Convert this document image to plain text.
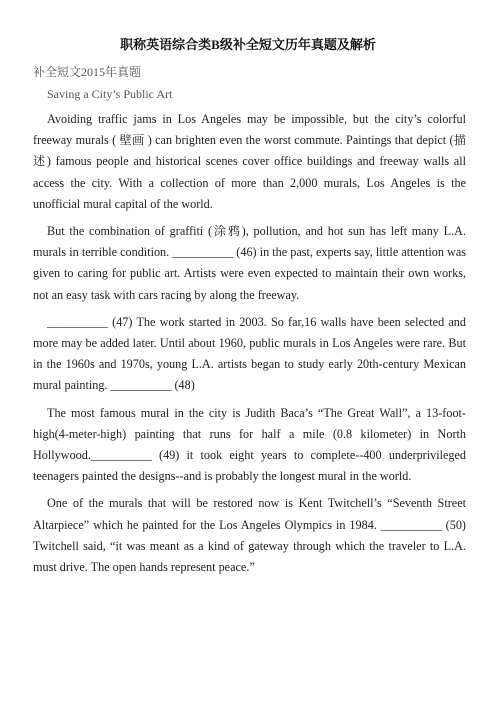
职称英语综合类B级补全短文历年真题及解析
补全短文2015年真题
Saving a City’s Public Art

Avoiding traffic jams in Los Angeles may be impossible, but the city’s colorful freeway murals ( 壁画 ) can brighten even the worst commute. Paintings that depict (描述) famous people and historical scenes cover office buildings and freeway walls all access the city. With a collection of more than 2,000 murals, Los Angeles is the unofficial mural capital of the world.

But the combination of graffiti (涂鸦), pollution, and hot sun has left many L.A. murals in terrible condition. __________ (46) in the past, experts say, little attention was given to caring for public art. Artists were even expected to maintain their own works, not an easy task with cars racing by along the freeway.

__________ (47) The work started in 2003. So far,16 walls have been selected and more may be added later. Until about 1960, public murals in Los Angeles were rare. But in the 1960s and 1970s, young L.A. artists began to study early 20th-century Mexican mural painting. __________ (48)

The most famous mural in the city is Judith Baca’s “The Great Wall”, a 13-foot-high(4-meter-high) painting that runs for half a mile (0.8 kilometer) in North Hollywood.__________ (49) it took eight years to complete--400 underprivileged teenagers painted the designs--and is probably the longest mural in the world.

One of the murals that will be restored now is Kent Twitchell’s “Seventh Street Altarpiece” which he painted for the Los Angeles Olympics in 1984. __________ (50) Twitchell said, “it was meant as a kind of gateway through which the traveler to L.A. must drive. The open hands represent peace.”
